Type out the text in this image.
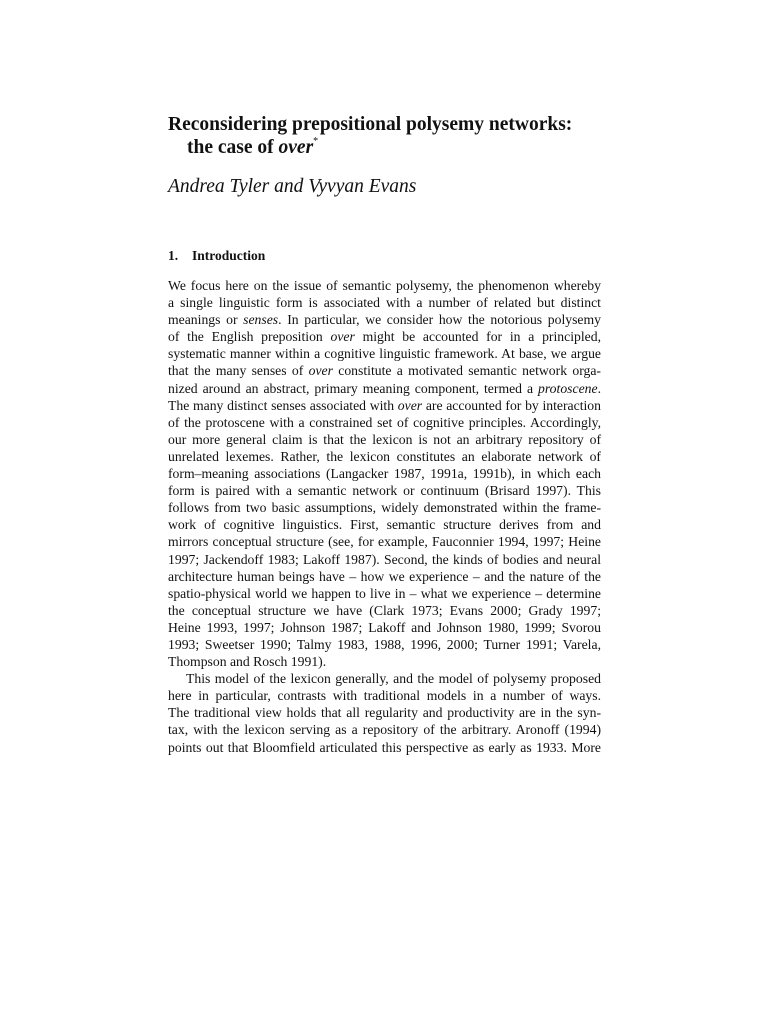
Reconsidering prepositional polysemy networks:
the case of over*

Andrea Tyler and Vyvyan Evans

1. Introduction
We focus here on the issue of semantic polysemy, the phenomenon whereby
a single linguistic form is associated with a number of related but distinct
meanings or senses. In particular, we consider how the notorious polysemy
of the English preposition over might be accounted for in a principled,
systematic manner within a cognitive linguistic framework. At base, we argue
that the many senses of over constitute a motivated semantic network orga-
nized around an abstract, primary meaning component, termed a protoscene.
The many distinct senses associated with over are accounted for by interaction
of the protoscene with a constrained set of cognitive principles. Accordingly,
our more general claim is that the lexicon is not an arbitrary repository of
unrelated lexemes. Rather, the lexicon constitutes an elaborate network of
form–meaning associations (Langacker 1987, 1991a, 1991b), in which each
form is paired with a semantic network or continuum (Brisard 1997). This
follows from two basic assumptions, widely demonstrated within the frame-
work of cognitive linguistics. First, semantic structure derives from and
mirrors conceptual structure (see, for example, Fauconnier 1994, 1997; Heine
1997; Jackendoff 1983; Lakoff 1987). Second, the kinds of bodies and neural
architecture human beings have – how we experience – and the nature of the
spatio-physical world we happen to live in – what we experience – determine
the conceptual structure we have (Clark 1973; Evans 2000; Grady 1997;
Heine 1993, 1997; Johnson 1987; Lakoff and Johnson 1980, 1999; Svorou
1993; Sweetser 1990; Talmy 1983, 1988, 1996, 2000; Turner 1991; Varela,
Thompson and Rosch 1991).
This model of the lexicon generally, and the model of polysemy proposed
here in particular, contrasts with traditional models in a number of ways.
The traditional view holds that all regularity and productivity are in the syn-
tax, with the lexicon serving as a repository of the arbitrary. Aronoff (1994)
points out that Bloomfield articulated this perspective as early as 1933. More
